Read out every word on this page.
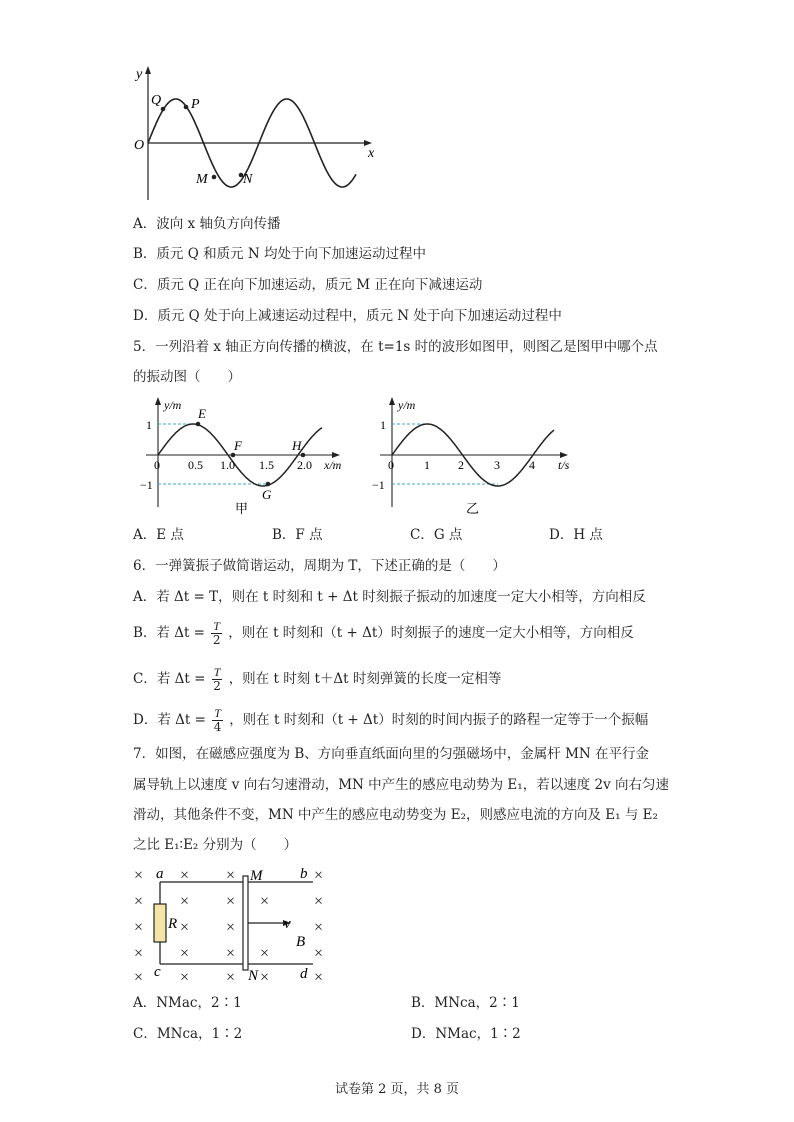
y
x
O
Q P
M	N
A．波向 x 轴负方向传播
B．质元 Q 和质元 N 均处于向下加速运动过程中
C．质元 Q 正在向下加速运动，质元 M 正在向下减速运动
D．质元 Q 处于向上减速运动过程中，质元 N 处于向下加速运动过程中
5．一列沿着 x 轴正方向传播的横波，在 t=1s 时的波形如图甲，则图乙是图甲中哪个点
的振动图（　　）
y/m
x/m
1
−1
0 0.5 1.0 1.5 2.0
E
F
G
H
甲
y/m
t/s
1
−1
0	1 2	3 4
乙
A．E 点	B．F 点	C．G 点	D．H 点
6．一弹簧振子做简谐运动，周期为 T，下述正确的是（　　）
A．若 Δt = T，则在 t 时刻和 t + Δt 时刻振子振动的加速度一定大小相等，方向相反
B．若 $\Delta t = \frac{T}{2}$ ，则在 t 时刻和（t + Δt）时刻振子的速度一定大小相等，方向相反
C．若 $\Delta t = \frac{T}{2}$ ，则在 t 时刻 t＋Δt 时刻弹簧的长度一定相等
D．若 $\Delta t = \frac{T}{4}$ ，则在 t 时刻和（t + Δt）时刻的时间内振子的路程一定等于一个振幅
7．如图，在磁感应强度为 B、方向垂直纸面向里的匀强磁场中，金属杆 MN 在平行金
属导轨上以速度 v 向右匀速滑动，MN 中产生的感应电动势为 E₁，若以速度 2v 向右匀速
滑动，其他条件不变，MN 中产生的感应电动势变为 E₂，则感应电流的方向及 E₁ 与 E₂
之比 E₁∶E₂ 分别为（　　）
× × ×	×
× × ×	×
× × ×	×
× × ×	×
× × ×	×
×
×
×
a	b
c	d
M
N
R	v
B
A．NMac，2∶1	B．MNca，2∶1
C．MNca，1∶2	D．NMac，1∶2
试卷第 2 页，共 8 页
